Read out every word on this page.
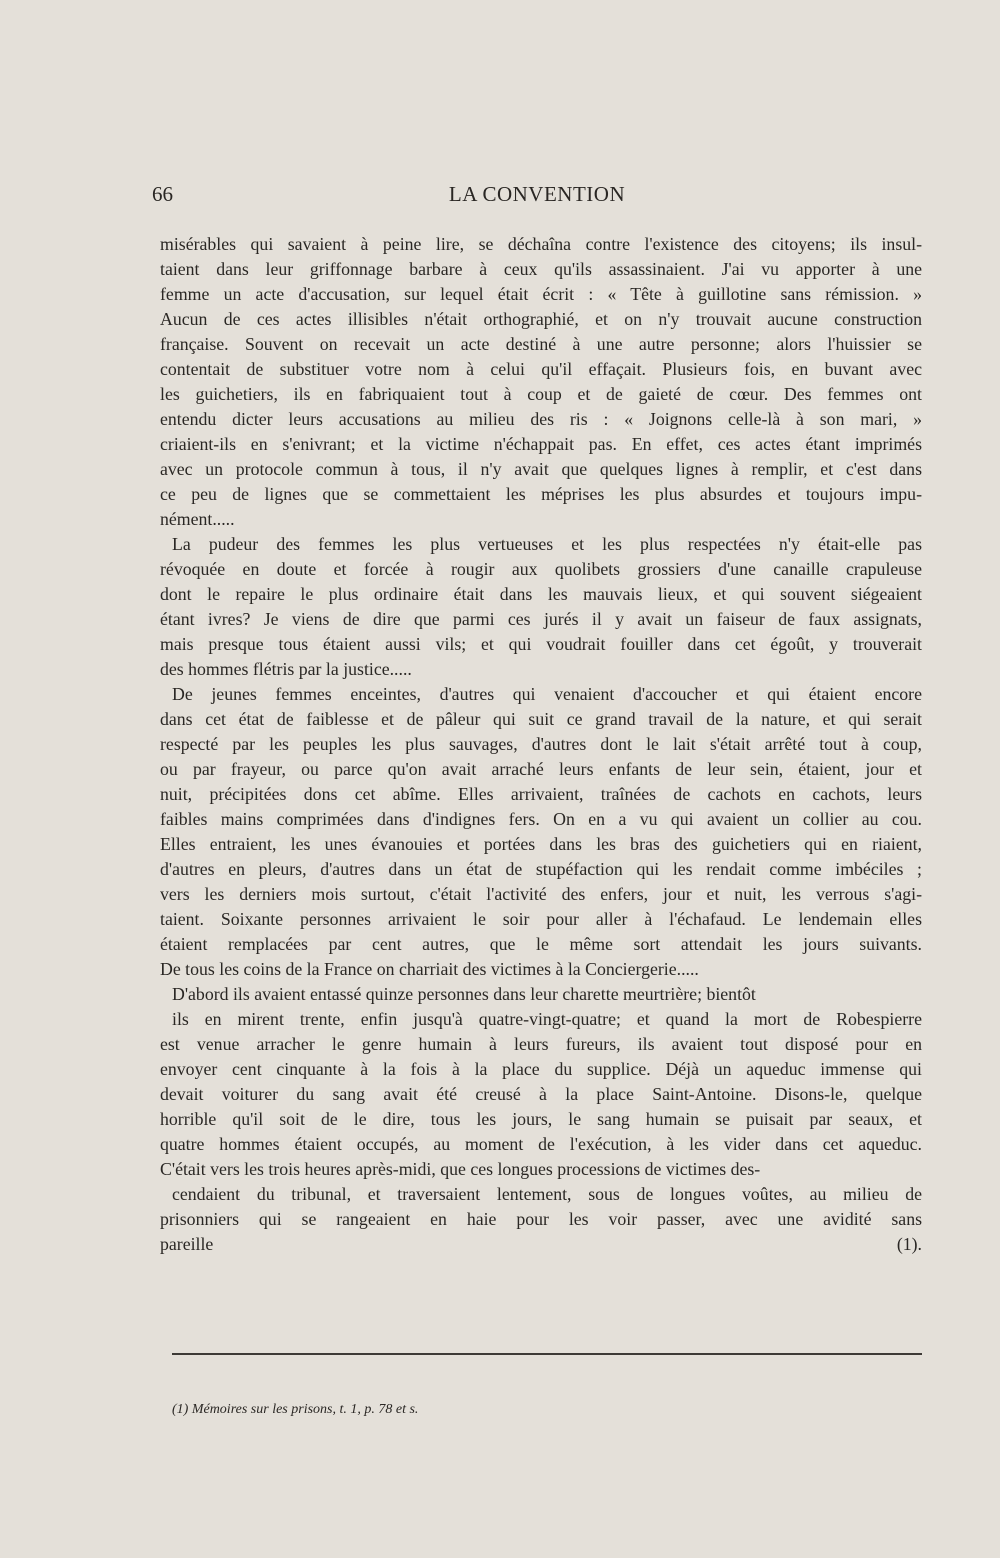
66	LA CONVENTION
misérables qui savaient à peine lire, se déchaîna contre l'existence des citoyens; ils insul-
taient dans leur griffonnage barbare à ceux qu'ils assassinaient. J'ai vu apporter à une
femme un acte d'accusation, sur lequel était écrit : « Tête à guillotine sans rémission. »
Aucun de ces actes illisibles n'était orthographié, et on n'y trouvait aucune construction
française. Souvent on recevait un acte destiné à une autre personne; alors l'huissier se
contentait de substituer votre nom à celui qu'il effaçait. Plusieurs fois, en buvant avec
les guichetiers, ils en fabriquaient tout à coup et de gaieté de cœur. Des femmes ont
entendu dicter leurs accusations au milieu des ris : « Joignons celle-là à son mari, »
criaient-ils en s'enivrant; et la victime n'échappait pas. En effet, ces actes étant imprimés
avec un protocole commun à tous, il n'y avait que quelques lignes à remplir, et c'est dans
ce peu de lignes que se commettaient les méprises les plus absurdes et toujours impu-
nément.....
La pudeur des femmes les plus vertueuses et les plus respectées n'y était-elle pas
révoquée en doute et forcée à rougir aux quolibets grossiers d'une canaille crapuleuse
dont le repaire le plus ordinaire était dans les mauvais lieux, et qui souvent siégeaient
étant ivres? Je viens de dire que parmi ces jurés il y avait un faiseur de faux assignats,
mais presque tous étaient aussi vils; et qui voudrait fouiller dans cet égoût, y trouverait
des hommes flétris par la justice.....
De jeunes femmes enceintes, d'autres qui venaient d'accoucher et qui étaient encore
dans cet état de faiblesse et de pâleur qui suit ce grand travail de la nature, et qui serait
respecté par les peuples les plus sauvages, d'autres dont le lait s'était arrêté tout à coup,
ou par frayeur, ou parce qu'on avait arraché leurs enfants de leur sein, étaient, jour et
nuit, précipitées dons cet abîme. Elles arrivaient, traînées de cachots en cachots, leurs
faibles mains comprimées dans d'indignes fers. On en a vu qui avaient un collier au cou.
Elles entraient, les unes évanouies et portées dans les bras des guichetiers qui en riaient,
d'autres en pleurs, d'autres dans un état de stupéfaction qui les rendait comme imbéciles ;
vers les derniers mois surtout, c'était l'activité des enfers, jour et nuit, les verrous s'agi-
taient. Soixante personnes arrivaient le soir pour aller à l'échafaud. Le lendemain elles
étaient remplacées par cent autres, que le même sort attendait les jours suivants.
De tous les coins de la France on charriait des victimes à la Conciergerie.....
D'abord ils avaient entassé quinze personnes dans leur charette meurtrière; bientôt
ils en mirent trente, enfin jusqu'à quatre-vingt-quatre; et quand la mort de Robespierre
est venue arracher le genre humain à leurs fureurs, ils avaient tout disposé pour en
envoyer cent cinquante à la fois à la place du supplice. Déjà un aqueduc immense qui
devait voiturer du sang avait été creusé à la place Saint-Antoine. Disons-le, quelque
horrible qu'il soit de le dire, tous les jours, le sang humain se puisait par seaux, et
quatre hommes étaient occupés, au moment de l'exécution, à les vider dans cet aqueduc.
C'était vers les trois heures après-midi, que ces longues processions de victimes des-
cendaient du tribunal, et traversaient lentement, sous de longues voûtes, au milieu de
prisonniers qui se rangeaient en haie pour les voir passer, avec une avidité sans
pareille (1).
(1) Mémoires sur les prisons, t. 1, p. 78 et s.
